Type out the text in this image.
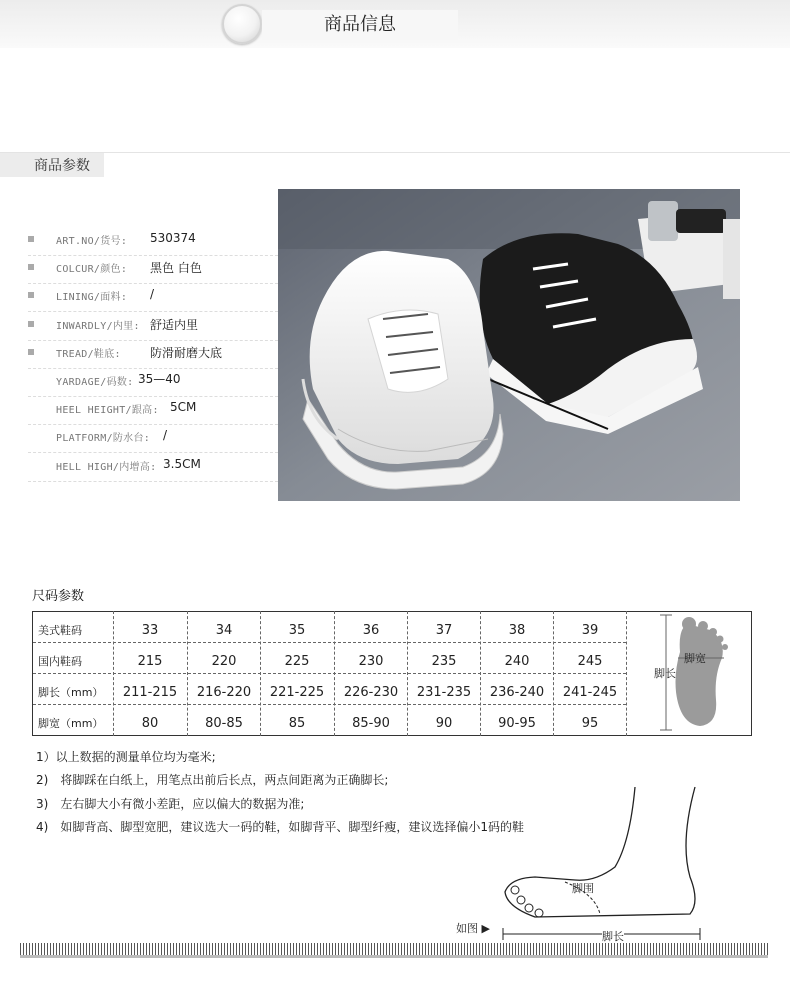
商品信息
商品参数
ART.NO/货号: 530374
COLCUR/颜色: 黑色 白色
LINING/面料: /
INWARDLY/内里: 舒适内里
TREAD/鞋底: 防滑耐磨大底
YARDAGE/码数: 35—40
HEEL HEIGHT/跟高: 5CM
PLATFORM/防水台: /
HELL HIGH/内增高: 3.5CM
尺码参数
美式鞋码	33	34	35	36	37	38	39
国内鞋码	215	220	225	230	235	240	245
脚长（mm）	211-215	216-220	221-225	226-230	231-235	236-240	241-245
脚宽（mm）	80	80-85	85	85-90	90	90-95	95
脚宽
脚长
1）以上数据的测量单位均为毫米;
2)　将脚踩在白纸上，用笔点出前后长点，两点间距离为正确脚长;
3)　左右脚大小有微小差距，应以偏大的数据为准;
4)　如脚背高、脚型宽肥，建议选大一码的鞋，如脚背平、脚型纤瘦，建议选择偏小1码的鞋
脚围
脚长
如图 ▶
